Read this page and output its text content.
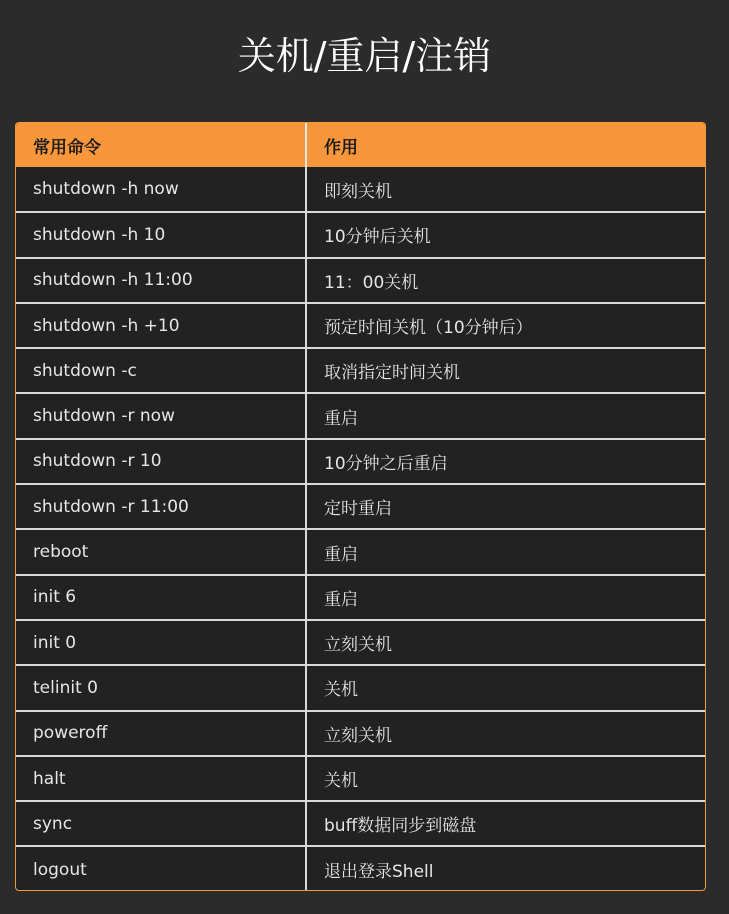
关机/重启/注销
常用命令	作用
shutdown -h now	即刻关机
shutdown -h 10	10分钟后关机
shutdown -h 11:00	11：00关机
shutdown -h +10	预定时间关机（10分钟后）
shutdown -c	取消指定时间关机
shutdown -r now	重启
shutdown -r 10	10分钟之后重启
shutdown -r 11:00	定时重启
reboot	重启
init 6	重启
init 0	立刻关机
telinit 0	关机
poweroff	立刻关机
halt	关机
sync	buff数据同步到磁盘
logout	退出登录Shell
